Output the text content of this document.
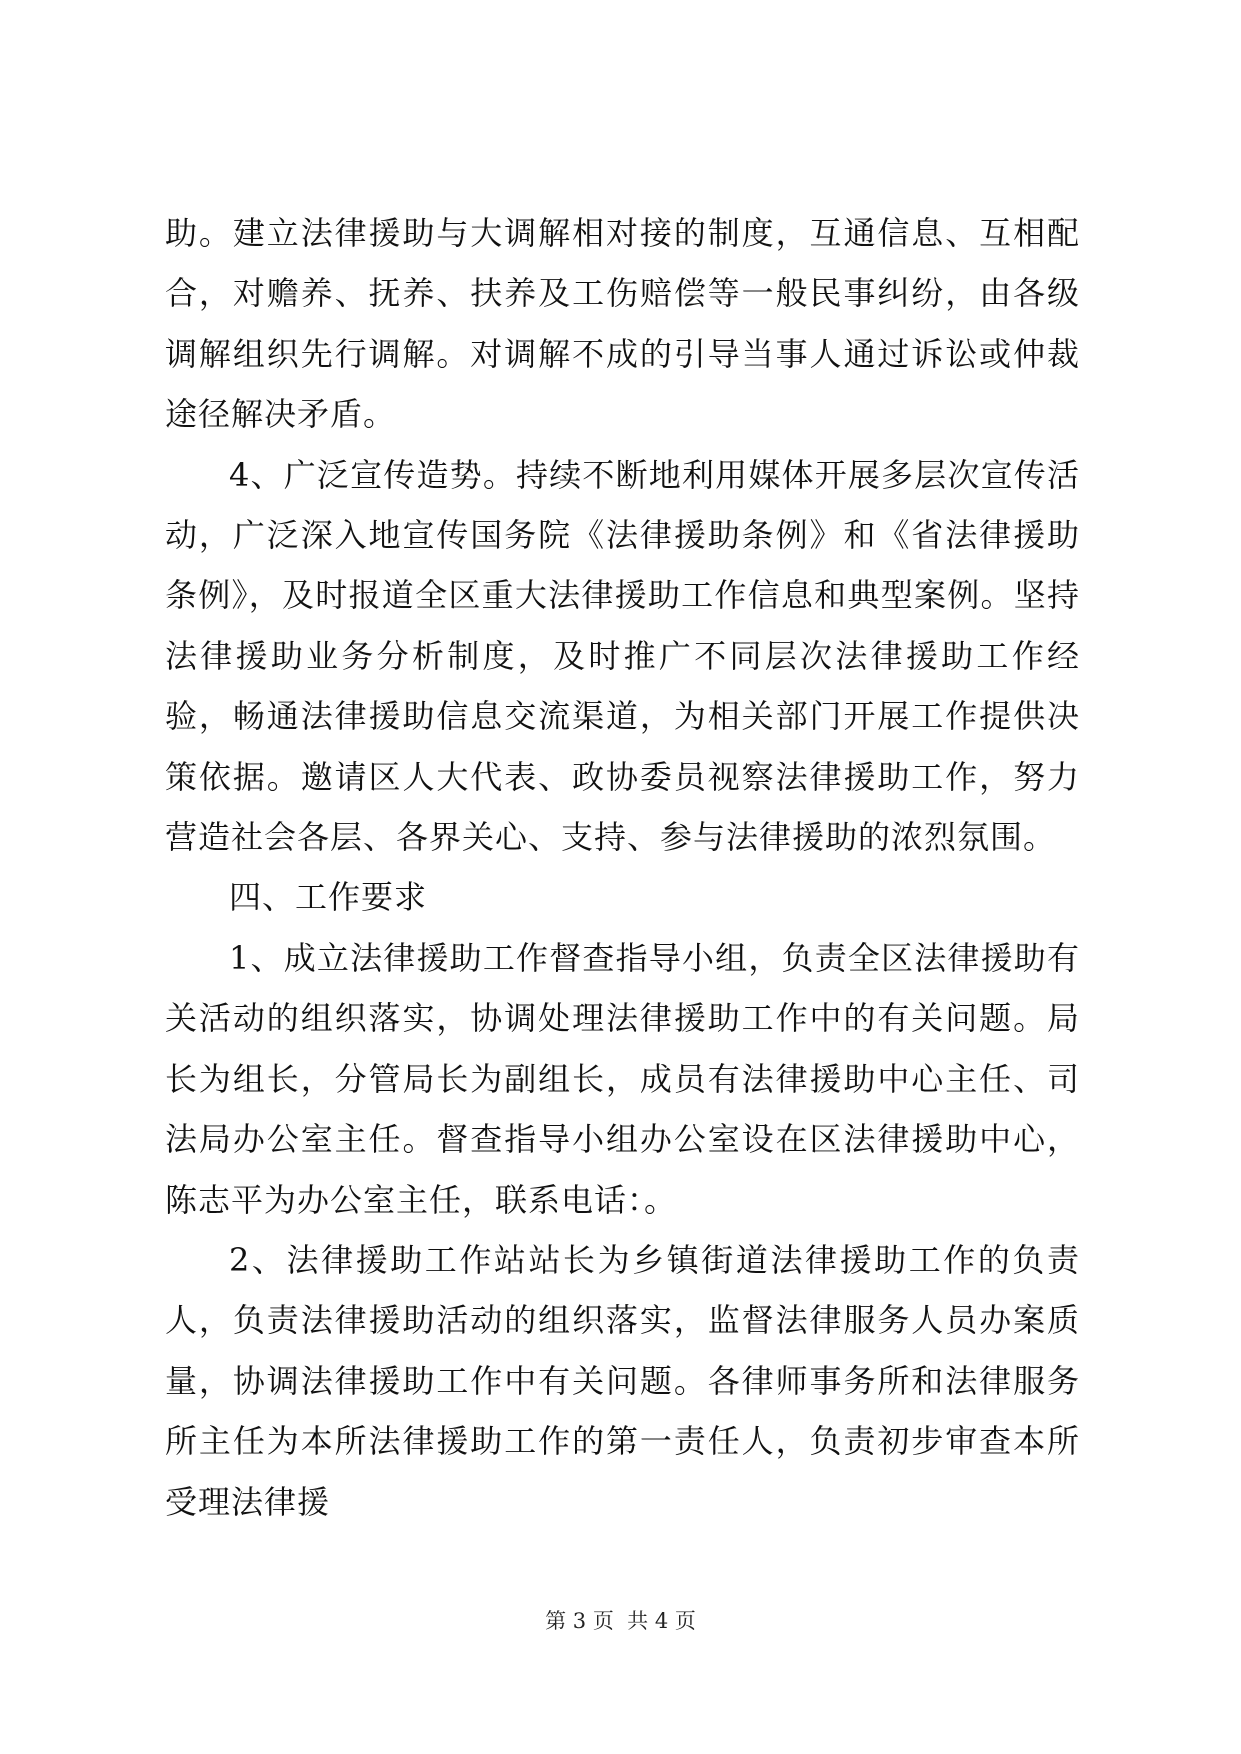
助。建立法律援助与大调解相对接的制度，互通信息、互相配合，对赡养、抚养、扶养及工伤赔偿等一般民事纠纷，由各级调解组织先行调解。对调解不成的引导当事人通过诉讼或仲裁途径解决矛盾。

4、广泛宣传造势。持续不断地利用媒体开展多层次宣传活动，广泛深入地宣传国务院《法律援助条例》和《省法律援助条例》，及时报道全区重大法律援助工作信息和典型案例。坚持法律援助业务分析制度，及时推广不同层次法律援助工作经验，畅通法律援助信息交流渠道，为相关部门开展工作提供决策依据。邀请区人大代表、政协委员视察法律援助工作，努力营造社会各层、各界关心、支持、参与法律援助的浓烈氛围。

四、工作要求

1、成立法律援助工作督查指导小组，负责全区法律援助有关活动的组织落实，协调处理法律援助工作中的有关问题。局长为组长，分管局长为副组长，成员有法律援助中心主任、司法局办公室主任。督查指导小组办公室设在区法律援助中心，陈志平为办公室主任，联系电话：。

2、法律援助工作站站长为乡镇街道法律援助工作的负责人，负责法律援助活动的组织落实，监督法律服务人员办案质量，协调法律援助工作中有关问题。各律师事务所和法律服务所主任为本所法律援助工作的第一责任人，负责初步审查本所受理法律援

第 3 页  共 4 页
